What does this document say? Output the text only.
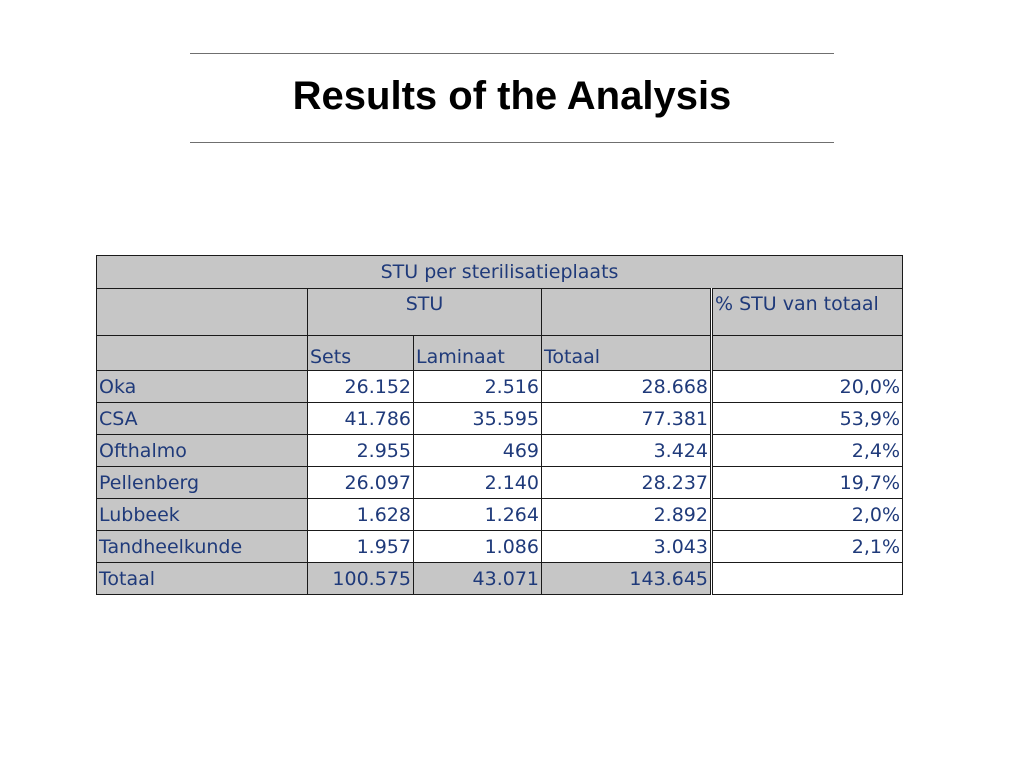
Results of the Analysis
STU per sterilisatieplaats				
	STU			% STU van totaal
	Sets	Laminaat	Totaal	
Oka	26.152	2.516	28.668	20,0%
CSA	41.786	35.595	77.381	53,9%
Ofthalmo	2.955	469	3.424	2,4%
Pellenberg	26.097	2.140	28.237	19,7%
Lubbeek	1.628	1.264	2.892	2,0%
Tandheelkunde	1.957	1.086	3.043	2,1%
Totaal	100.575	43.071	143.645	
